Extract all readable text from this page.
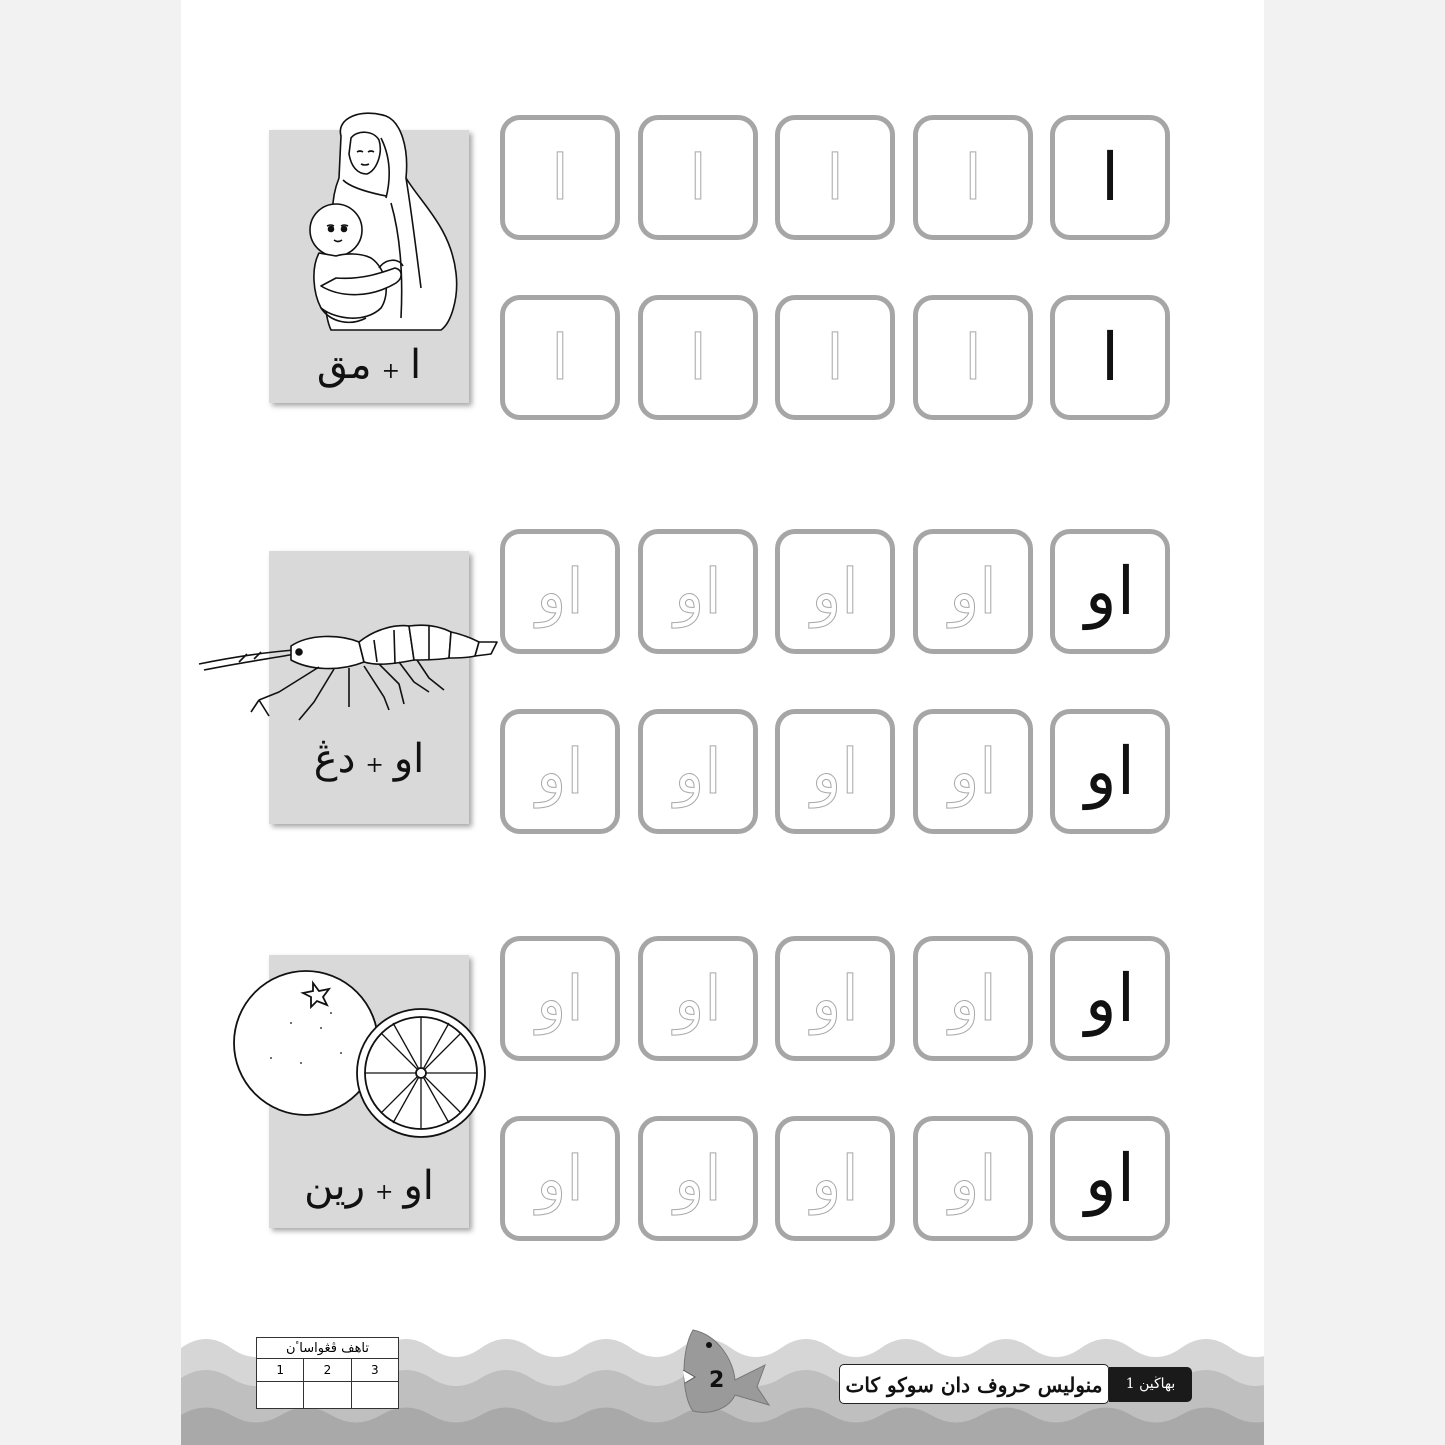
ا+مق
ا
ا
ا
ا
ا
ا
ا
ا
ا
ا
او+دڠ
او
او
او
او
او
او
او
او
او
او
او+رين
او
او
او
او
او
او
او
او
او
او
2
تاهف ڤڠواساٴن		
1	2	3

منوليس حروف دان سوكو كات	بهاڬين 1
